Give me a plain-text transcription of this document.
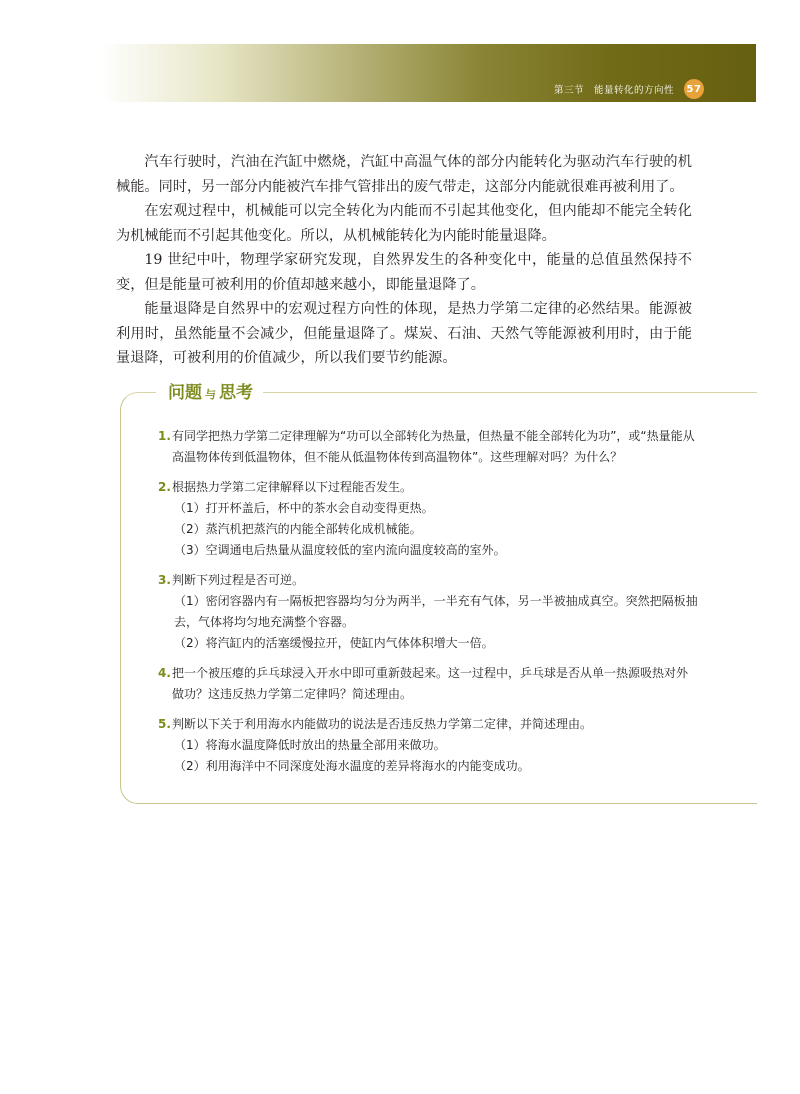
第三节 能量转化的方向性 57

汽车行驶时，汽油在汽缸中燃烧，汽缸中高温气体的部分内能转化为驱动汽车行驶的机械能。同时，另一部分内能被汽车排气管排出的废气带走，这部分内能就很难再被利用了。

在宏观过程中，机械能可以完全转化为内能而不引起其他变化，但内能却不能完全转化为机械能而不引起其他变化。所以，从机械能转化为内能时能量退降。

19 世纪中叶，物理学家研究发现，自然界发生的各种变化中，能量的总值虽然保持不变，但是能量可被利用的价值却越来越小，即能量退降了。

能量退降是自然界中的宏观过程方向性的体现，是热力学第二定律的必然结果。能源被利用时，虽然能量不会减少，但能量退降了。煤炭、石油、天然气等能源被利用时，由于能量退降，可被利用的价值减少，所以我们要节约能源。

问题 与 思考
1. 有同学把热力学第二定律理解为“功可以全部转化为热量，但热量不能全部转化为功”，或“热量能从高温物体传到低温物体，但不能从低温物体传到高温物体”。这些理解对吗？为什么？
2. 根据热力学第二定律解释以下过程能否发生。
（1）打开杯盖后，杯中的茶水会自动变得更热。
（2）蒸汽机把蒸汽的内能全部转化成机械能。
（3）空调通电后热量从温度较低的室内流向温度较高的室外。
3. 判断下列过程是否可逆。
（1）密闭容器内有一隔板把容器均匀分为两半，一半充有气体，另一半被抽成真空。突然把隔板抽去，气体将均匀地充满整个容器。
（2）将汽缸内的活塞缓慢拉开，使缸内气体体积增大一倍。
4. 把一个被压瘪的乒乓球浸入开水中即可重新鼓起来。这一过程中，乒乓球是否从单一热源吸热对外做功？这违反热力学第二定律吗？简述理由。
5. 判断以下关于利用海水内能做功的说法是否违反热力学第二定律，并简述理由。
（1）将海水温度降低时放出的热量全部用来做功。
（2）利用海洋中不同深度处海水温度的差异将海水的内能变成功。
